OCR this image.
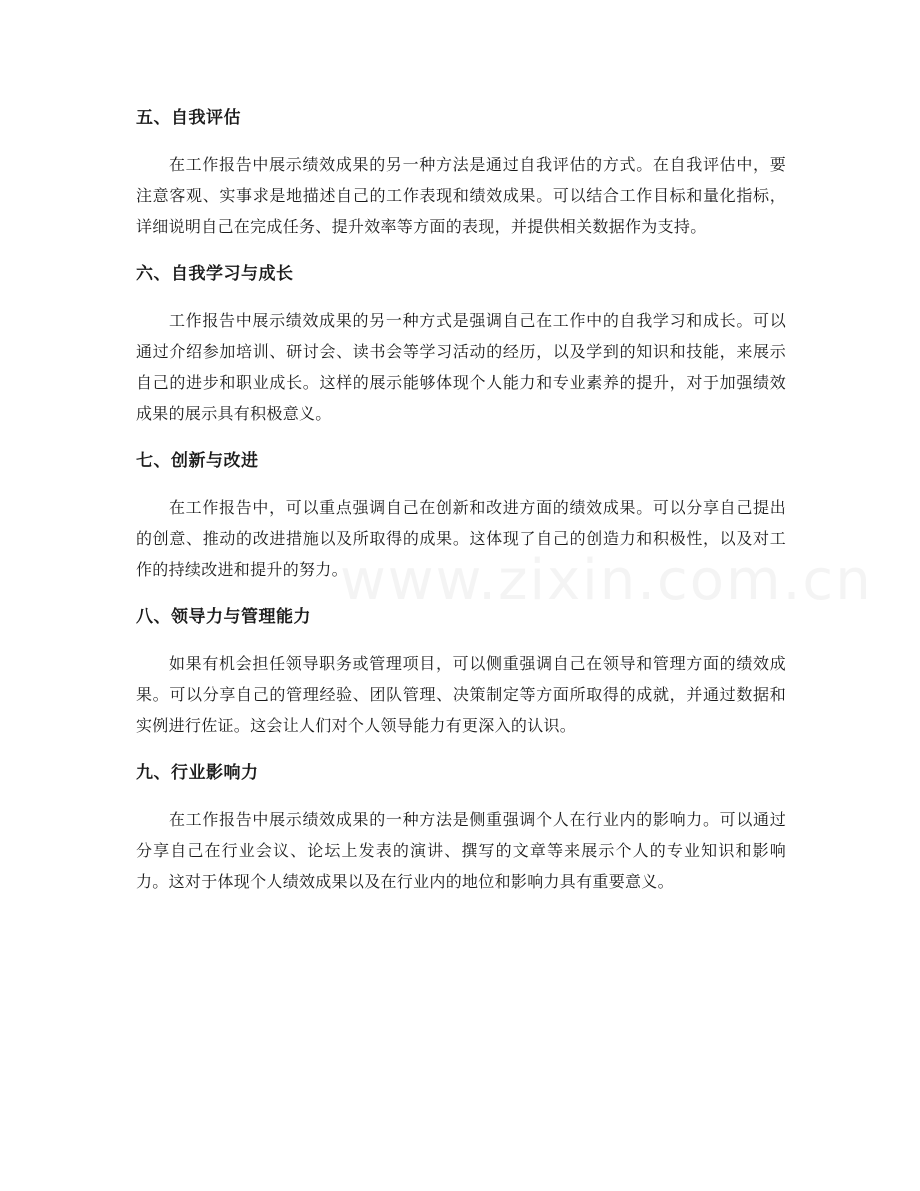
www.zixin.com.cn
五、自我评估

在工作报告中展示绩效成果的另一种方法是通过自我评估的方式。在自我评估中，要注意客观、实事求是地描述自己的工作表现和绩效成果。可以结合工作目标和量化指标，详细说明自己在完成任务、提升效率等方面的表现，并提供相关数据作为支持。

六、自我学习与成长

工作报告中展示绩效成果的另一种方式是强调自己在工作中的自我学习和成长。可以通过介绍参加培训、研讨会、读书会等学习活动的经历，以及学到的知识和技能，来展示自己的进步和职业成长。这样的展示能够体现个人能力和专业素养的提升，对于加强绩效成果的展示具有积极意义。

七、创新与改进

在工作报告中，可以重点强调自己在创新和改进方面的绩效成果。可以分享自己提出的创意、推动的改进措施以及所取得的成果。这体现了自己的创造力和积极性，以及对工作的持续改进和提升的努力。

八、领导力与管理能力

如果有机会担任领导职务或管理项目，可以侧重强调自己在领导和管理方面的绩效成果。可以分享自己的管理经验、团队管理、决策制定等方面所取得的成就，并通过数据和实例进行佐证。这会让人们对个人领导能力有更深入的认识。

九、行业影响力

在工作报告中展示绩效成果的一种方法是侧重强调个人在行业内的影响力。可以通过分享自己在行业会议、论坛上发表的演讲、撰写的文章等来展示个人的专业知识和影响力。这对于体现个人绩效成果以及在行业内的地位和影响力具有重要意义。
